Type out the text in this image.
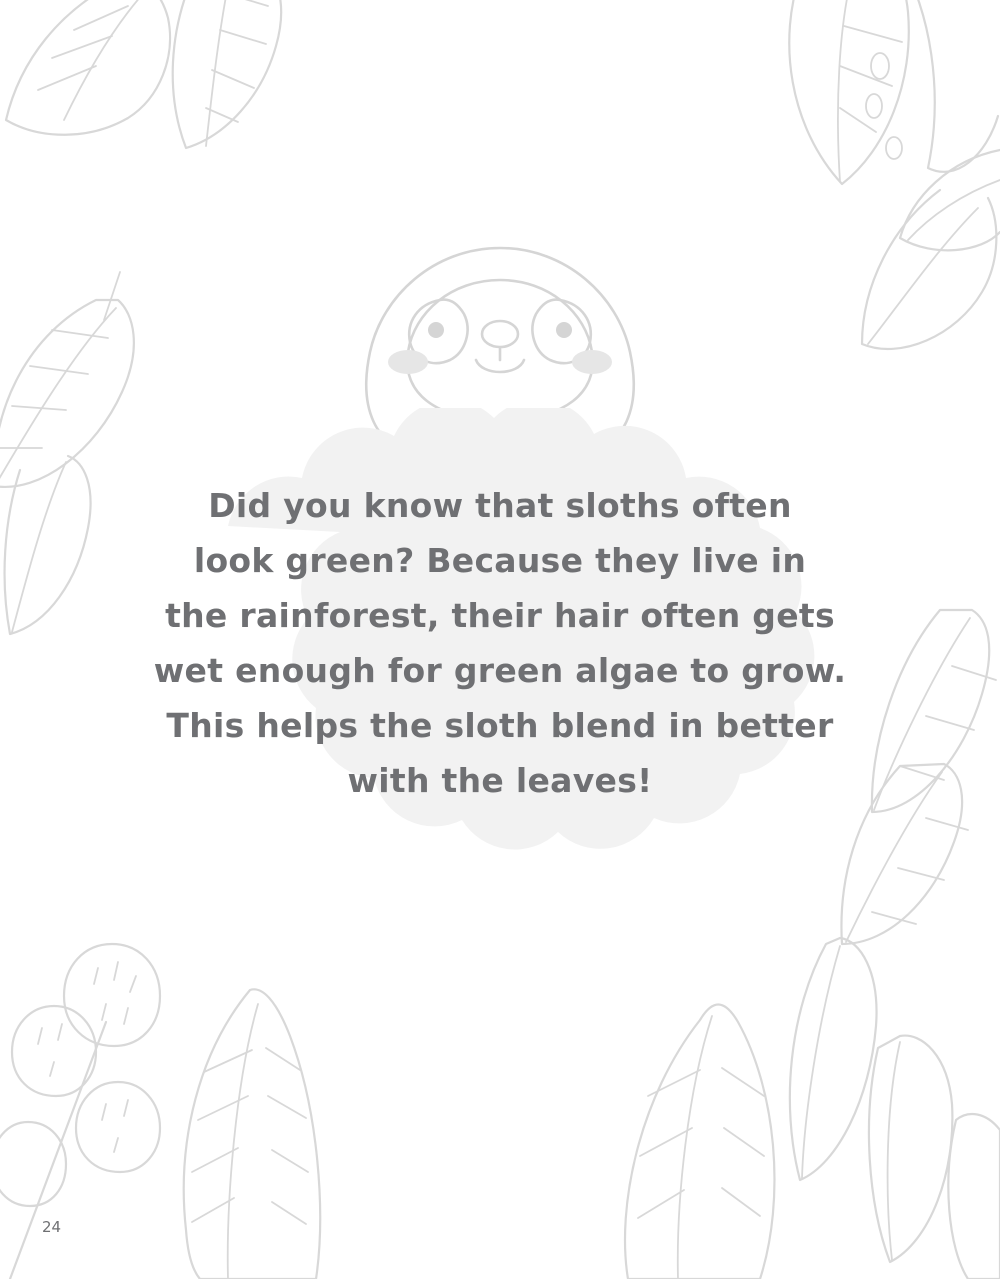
Did you know that sloths often
look green? Because they live in
the rainforest, their hair often gets
wet enough for green algae to grow.
This helps the sloth blend in better
with the leaves!
24
